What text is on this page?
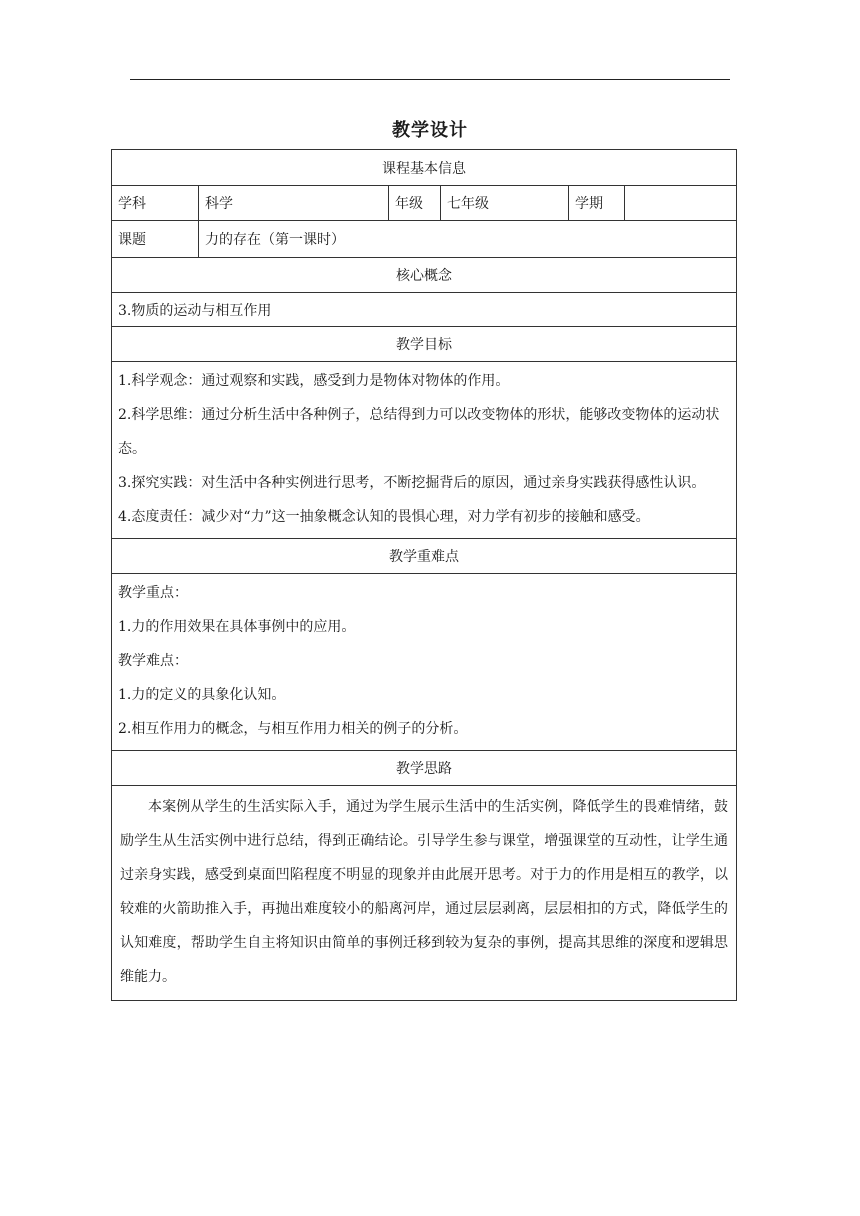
教学设计
课程基本信息
学科	科学	年级	七年级	学期
课题	力的存在（第一课时）
核心概念
3.物质的运动与相互作用
教学目标

1.科学观念：通过观察和实践，感受到力是物体对物体的作用。

2.科学思维：通过分析生活中各种例子，总结得到力可以改变物体的形状，能够改变物体的运动状态。

3.探究实践：对生活中各种实例进行思考，不断挖掘背后的原因，通过亲身实践获得感性认识。

4.态度责任：减少对“力”这一抽象概念认知的畏惧心理，对力学有初步的接触和感受。

教学重难点

教学重点：

1.力的作用效果在具体事例中的应用。

教学难点：

1.力的定义的具象化认知。

2.相互作用力的概念，与相互作用力相关的例子的分析。

教学思路
本案例从学生的生活实际入手，通过为学生展示生活中的生活实例，降低学生的畏难情绪，鼓励学生从生活实例中进行总结，得到正确结论。引导学生参与课堂，增强课堂的互动性，让学生通过亲身实践，感受到桌面凹陷程度不明显的现象并由此展开思考。对于力的作用是相互的教学，以较难的火箭助推入手，再抛出难度较小的船离河岸，通过层层剥离，层层相扣的方式，降低学生的认知难度，帮助学生自主将知识由简单的事例迁移到较为复杂的事例，提高其思维的深度和逻辑思维能力。
